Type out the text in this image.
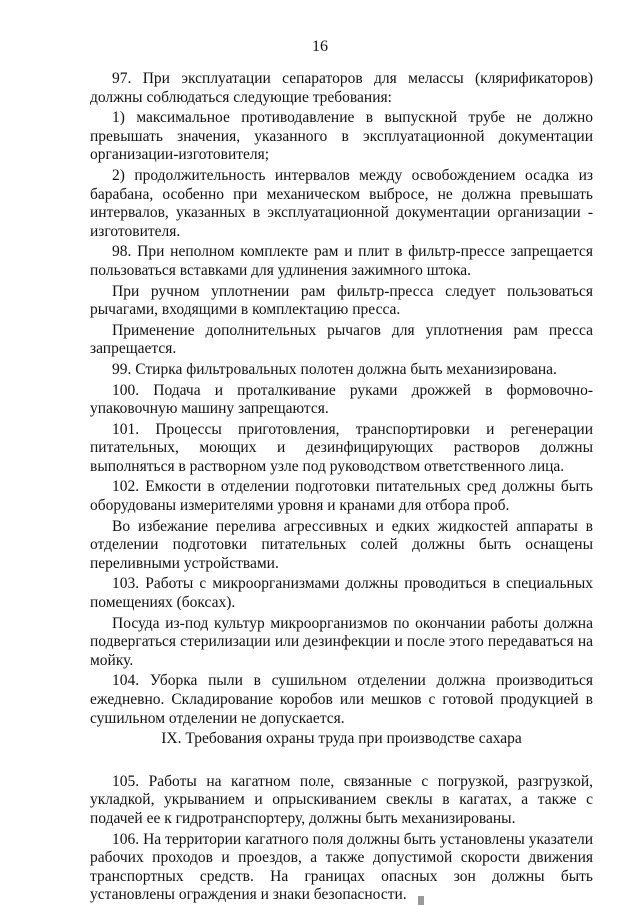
16

97. При эксплуатации сепараторов для мелассы (клярификаторов) должны соблюдаться следующие требования:

1) максимальное противодавление в выпускной трубе не должно превышать значения, указанного в эксплуатационной документации организации-изготовителя;

2) продолжительность интервалов между освобождением осадка из барабана, особенно при механическом выбросе, не должна превышать интервалов, указанных в эксплуатационной документации организации - изготовителя.

98. При неполном комплекте рам и плит в фильтр-прессе запрещается пользоваться вставками для удлинения зажимного штока.

При ручном уплотнении рам фильтр-пресса следует пользоваться рычагами, входящими в комплектацию пресса.

Применение дополнительных рычагов для уплотнения рам пресса запрещается.

99. Стирка фильтровальных полотен должна быть механизирована.

100. Подача и проталкивание руками дрожжей в формовочно-упаковочную машину запрещаются.

101. Процессы приготовления, транспортировки и регенерации питательных, моющих и дезинфицирующих растворов должны выполняться в растворном узле под руководством ответственного лица.

102. Емкости в отделении подготовки питательных сред должны быть оборудованы измерителями уровня и кранами для отбора проб.

Во избежание перелива агрессивных и едких жидкостей аппараты в отделении подготовки питательных солей должны быть оснащены переливными устройствами.

103. Работы с микроорганизмами должны проводиться в специальных помещениях (боксах).

Посуда из-под культур микроорганизмов по окончании работы должна подвергаться стерилизации или дезинфекции и после этого передаваться на мойку.

104. Уборка пыли в сушильном отделении должна производиться ежедневно. Складирование коробов или мешков с готовой продукцией в сушильном отделении не допускается.

IX. Требования охраны труда при производстве сахара

105. Работы на кагатном поле, связанные с погрузкой, разгрузкой, укладкой, укрыванием и опрыскиванием свеклы в кагатах, а также с подачей ее к гидротранспортеру, должны быть механизированы.

106. На территории кагатного поля должны быть установлены указатели рабочих проходов и проездов, а также допустимой скорости движения транспортных средств. На границах опасных зон должны быть установлены ограждения и знаки безопасности.
